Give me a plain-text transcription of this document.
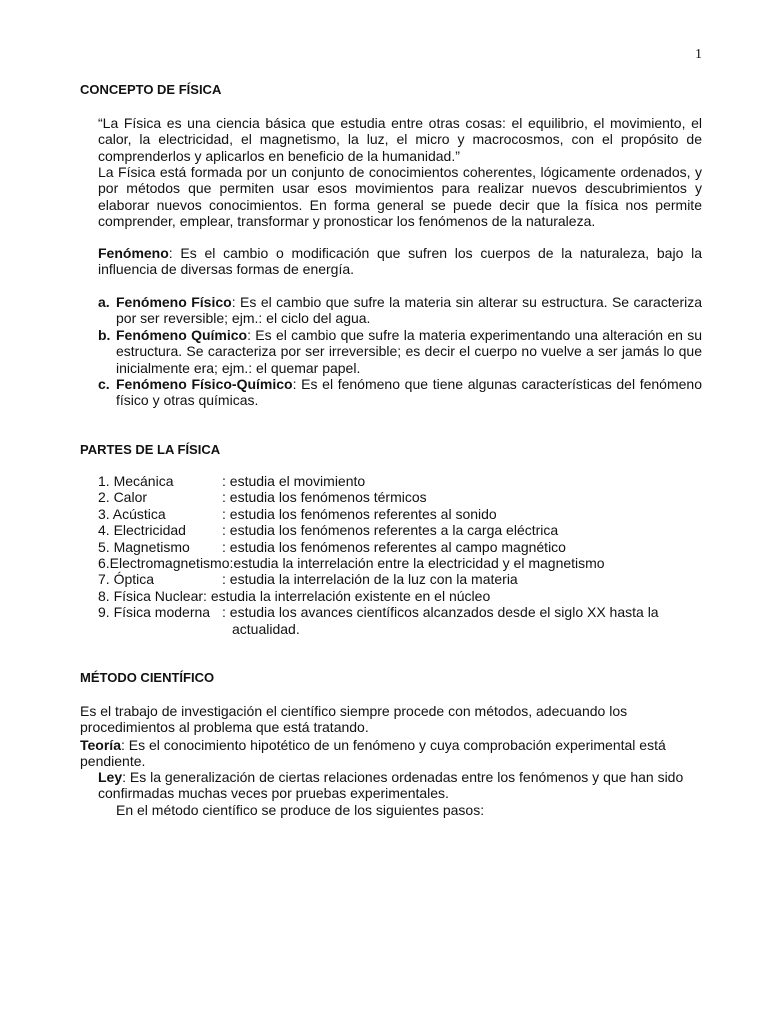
1
CONCEPTO DE FÍSICA
“La Física es una ciencia básica que estudia entre otras cosas: el equilibrio, el movimiento, el calor, la electricidad, el magnetismo, la luz, el micro y macrocosmos, con el propósito de comprenderlos y aplicarlos en beneficio de la humanidad.”
La Física está formada por un conjunto de conocimientos coherentes, lógicamente ordenados, y por métodos que permiten usar esos movimientos para realizar nuevos descubrimientos y elaborar nuevos conocimientos. En forma general se puede decir que la física nos permite comprender, emplear, transformar y pronosticar los fenómenos de la naturaleza.
Fenómeno: Es el cambio o modificación que sufren los cuerpos de la naturaleza, bajo la influencia de diversas formas de energía.
a. Fenómeno Físico: Es el cambio que sufre la materia sin alterar su estructura. Se caracteriza por ser reversible; ejm.: el ciclo del agua.
b. Fenómeno Químico: Es el cambio que sufre la materia experimentando una alteración en su estructura. Se caracteriza por ser irreversible; es decir el cuerpo no vuelve a ser jamás lo que inicialmente era; ejm.: el quemar papel.
c. Fenómeno Físico-Químico: Es el fenómeno que tiene algunas características del fenómeno físico y otras químicas.
PARTES DE LA FÍSICA
1. Mecánica	: estudia el movimiento
2. Calor	: estudia los fenómenos térmicos
3. Acústica	: estudia los fenómenos referentes al sonido
4. Electricidad	: estudia los fenómenos referentes a la carga eléctrica
5. Magnetismo	: estudia los fenómenos referentes al campo magnético
6.Electromagnetismo :estudia la interrelación entre la electricidad y el magnetismo
7. Óptica	: estudia la interrelación de la luz con la materia
8. Física Nuclear : estudia la interrelación existente en el núcleo
9. Física moderna : estudia los avances científicos alcanzados desde el siglo XX hasta la
actualidad.
MÉTODO CIENTÍFICO
Es el trabajo de investigación el científico siempre procede con métodos, adecuando los procedimientos al problema que está tratando.
Teoría: Es el conocimiento hipotético de un fenómeno y cuya comprobación experimental está pendiente.
Ley: Es la generalización de ciertas relaciones ordenadas entre los fenómenos y que han sido confirmadas muchas veces por pruebas experimentales.
En el método científico se produce de los siguientes pasos:
